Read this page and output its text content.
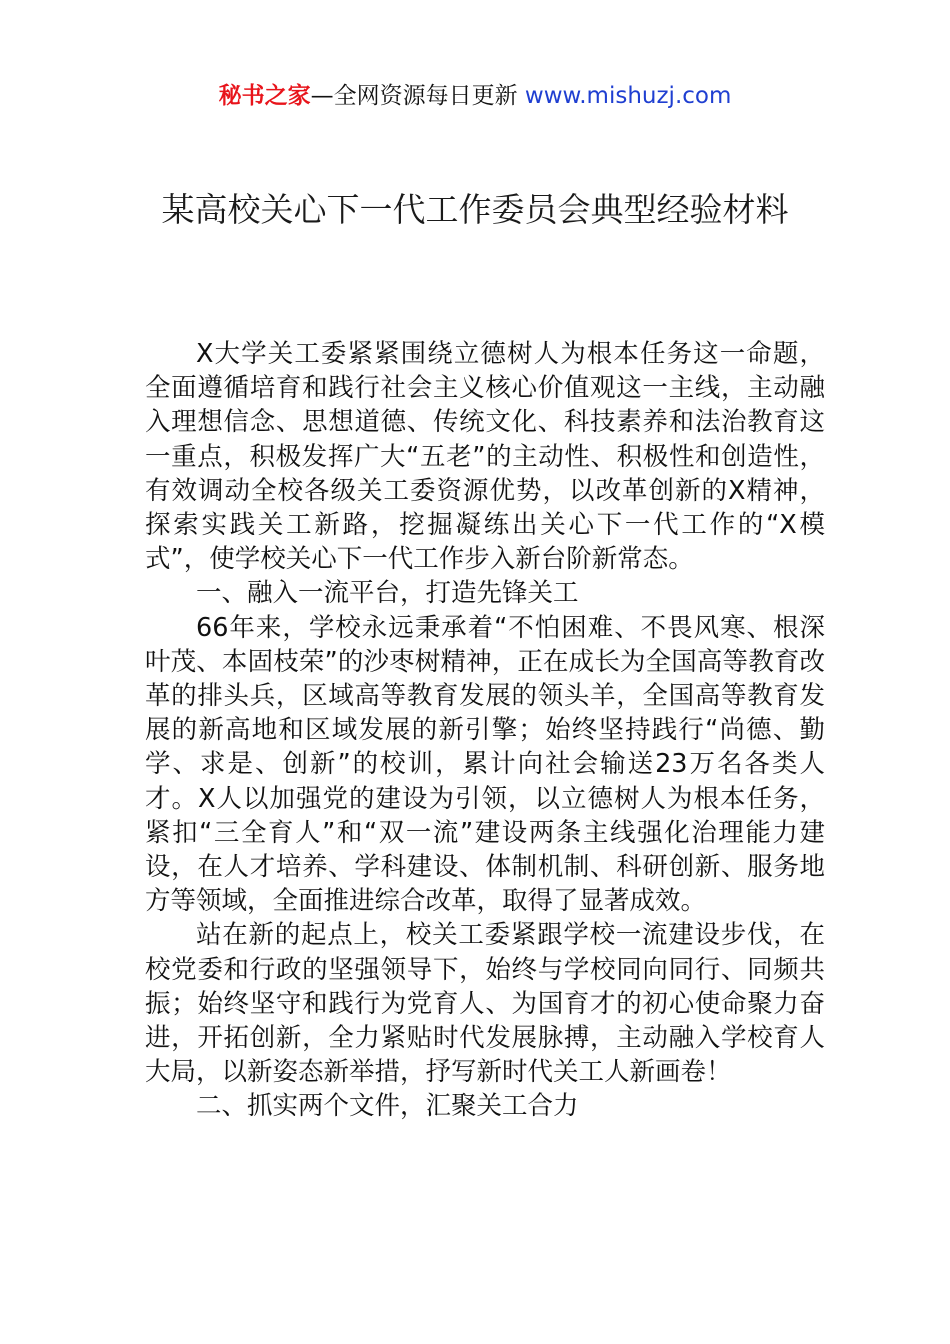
秘书之家—全网资源每日更新 www.mishuzj.com
某高校关心下一代工作委员会典型经验材料

X大学关工委紧紧围绕立德树人为根本任务这一命题，全面遵循培育和践行社会主义核心价值观这一主线，主动融入理想信念、思想道德、传统文化、科技素养和法治教育这一重点，积极发挥广大“五老”的主动性、积极性和创造性，有效调动全校各级关工委资源优势，以改革创新的X精神，探索实践关工新路，挖掘凝练出关心下一代工作的“X模式”，使学校关心下一代工作步入新台阶新常态。

一、融入一流平台，打造先锋关工

66年来，学校永远秉承着“不怕困难、不畏风寒、根深叶茂、本固枝荣”的沙枣树精神，正在成长为全国高等教育改革的排头兵，区域高等教育发展的领头羊，全国高等教育发展的新高地和区域发展的新引擎；始终坚持践行“尚德、勤学、求是、创新”的校训，累计向社会输送23万名各类人才。X人以加强党的建设为引领，以立德树人为根本任务，紧扣“三全育人”和“双一流”建设两条主线强化治理能力建设，在人才培养、学科建设、体制机制、科研创新、服务地方等领域，全面推进综合改革，取得了显著成效。

站在新的起点上，校关工委紧跟学校一流建设步伐，在校党委和行政的坚强领导下，始终与学校同向同行、同频共振；始终坚守和践行为党育人、为国育才的初心使命聚力奋进，开拓创新，全力紧贴时代发展脉搏，主动融入学校育人大局，以新姿态新举措，抒写新时代关工人新画卷！

二、抓实两个文件，汇聚关工合力
